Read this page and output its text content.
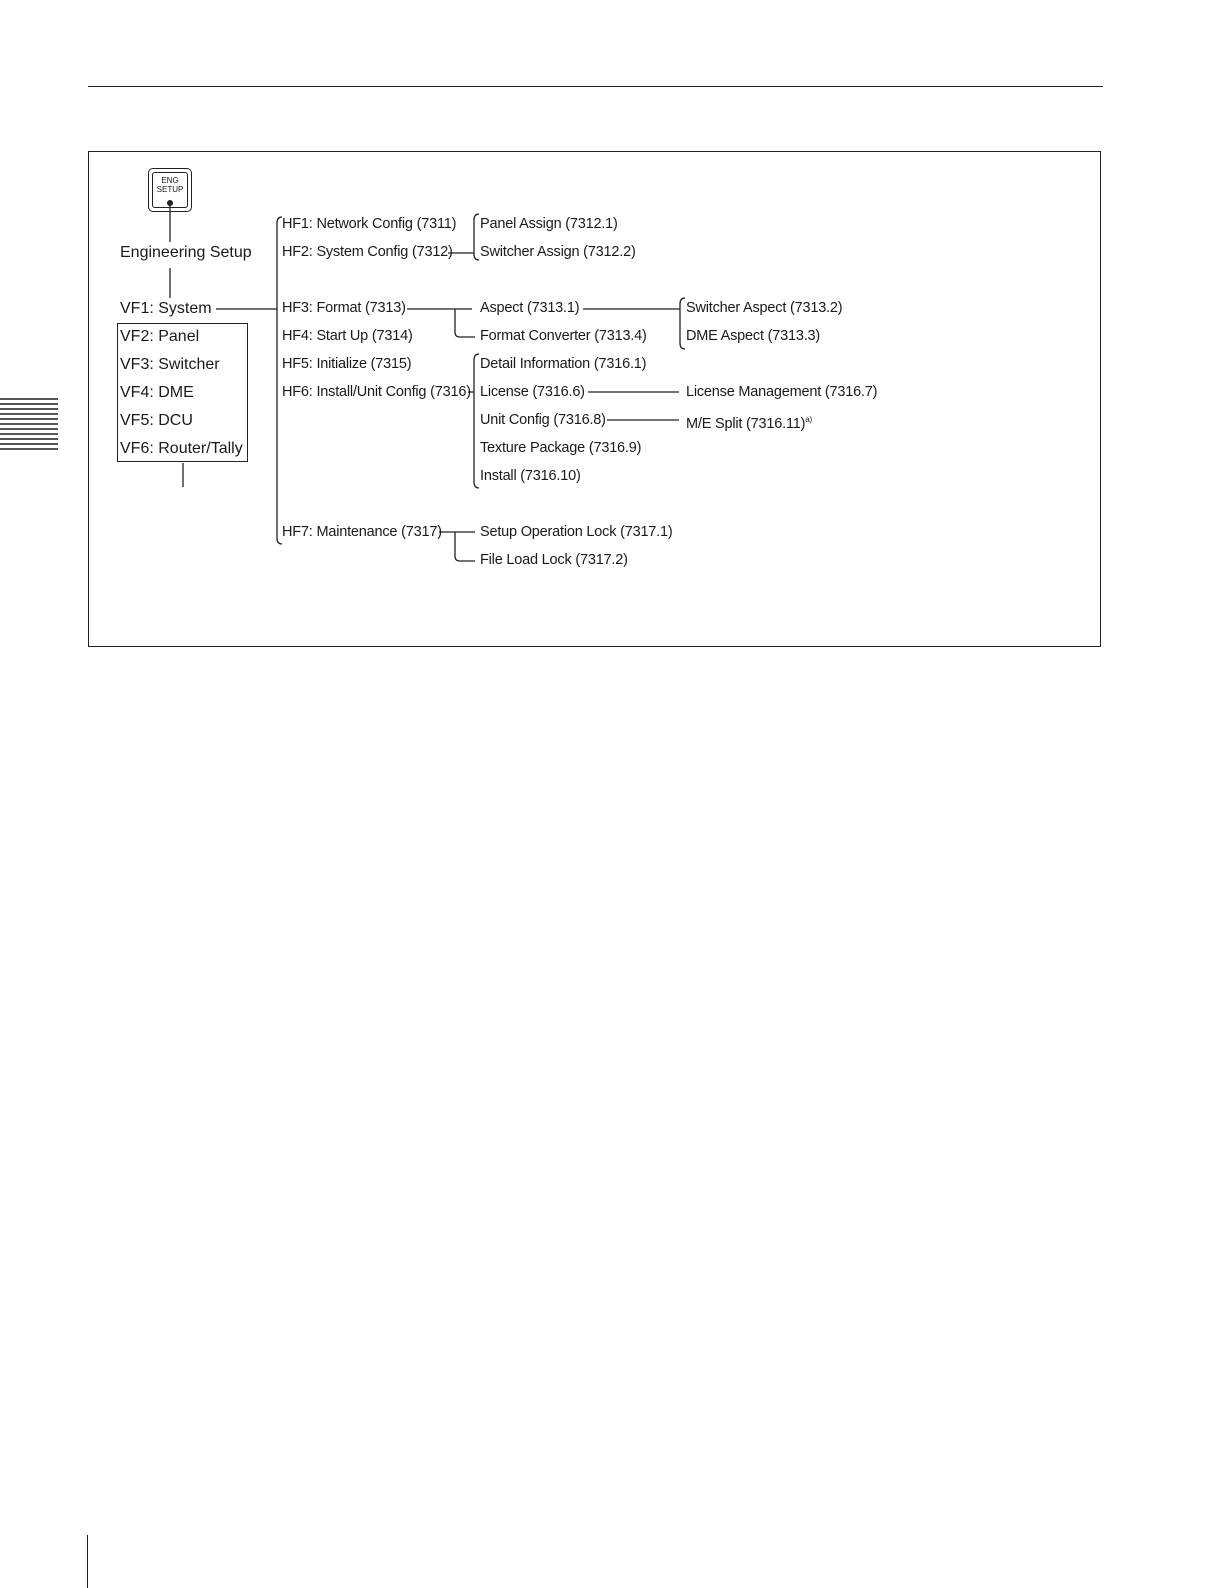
ENG
SETUP
Engineering Setup
VF1: System
VF2: Panel
VF3: Switcher
VF4: DME
VF5: DCU
VF6: Router/Tally
HF1: Network Config (7311)
HF2: System Config (7312)
HF3: Format (7313)
HF4: Start Up (7314)
HF5: Initialize (7315)
HF6: Install/Unit Config (7316)
HF7: Maintenance (7317)
Panel Assign (7312.1)
Switcher Assign (7312.2)
Aspect (7313.1)
Format Converter (7313.4)
Switcher Aspect (7313.2)
DME Aspect (7313.3)
Detail Information (7316.1)
License (7316.6)
Unit Config (7316.8)
Texture Package (7316.9)
Install (7316.10)
License Management (7316.7)
M/E Split $(7316.11)^{a)}$
Setup Operation Lock (7317.1)
File Load Lock (7317.2)
